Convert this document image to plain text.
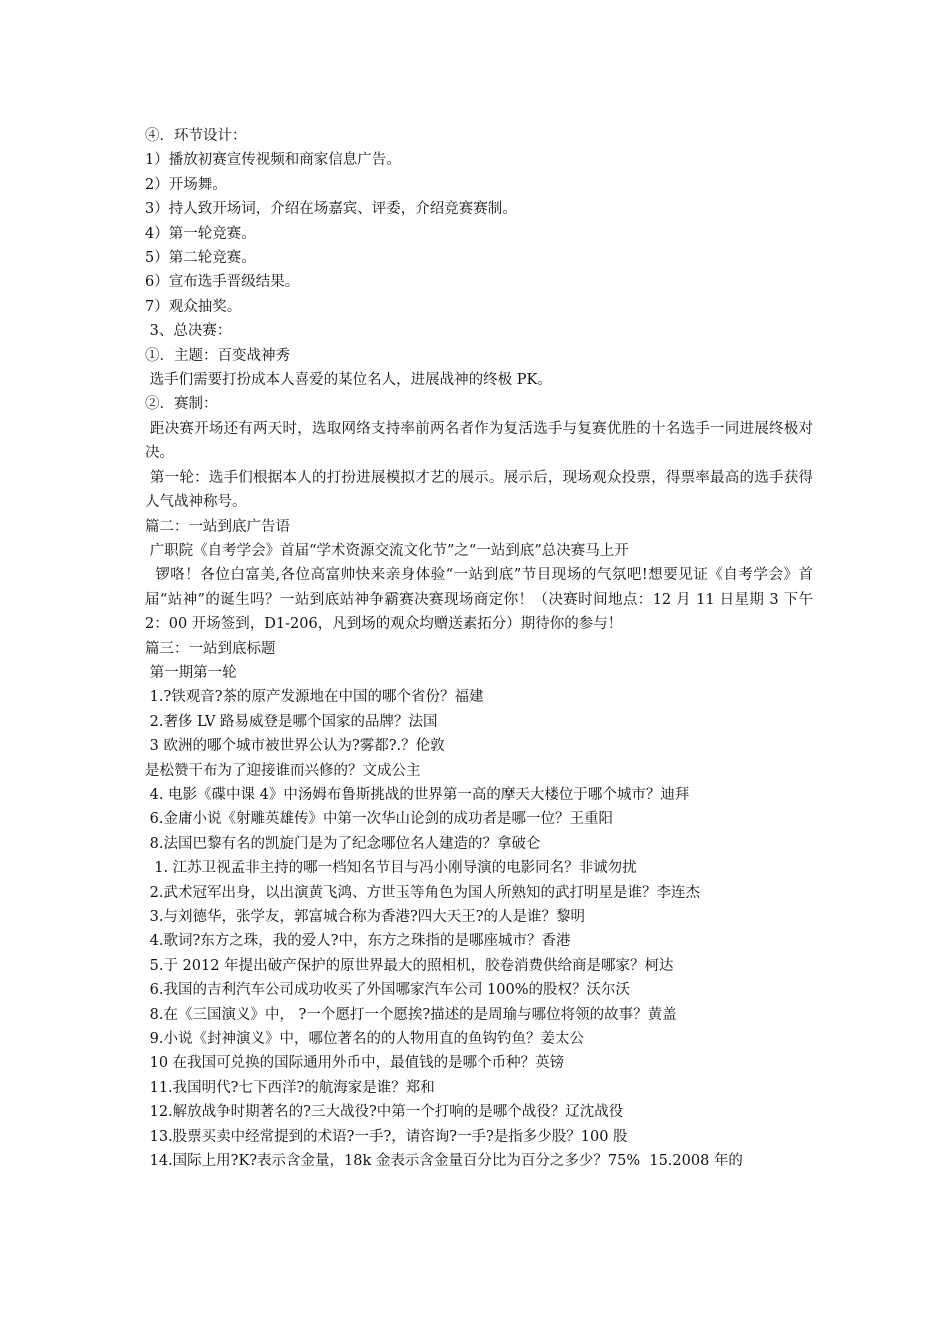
④．环节设计：

1）播放初赛宣传视频和商家信息广告。

2）开场舞。

3）持人致开场词，介绍在场嘉宾、评委，介绍竞赛赛制。

4）第一轮竞赛。

5）第二轮竞赛。

6）宣布选手晋级结果。

7）观众抽奖。

3、总决赛：

①．主题：百变战神秀

选手们需要打扮成本人喜爱的某位名人，进展战神的终极 PK。

②．赛制：

距决赛开场还有两天时，选取网络支持率前两名者作为复活选手与复赛优胜的十名选手一同进展终极对决。

第一轮：选手们根据本人的打扮进展模拟才艺的展示。展示后，现场观众投票，得票率最高的选手获得人气战神称号。

篇二：一站到底广告语

广职院《自考学会》首届“学术资源交流文化节”之“一站到底”总决赛马上开

锣咯！各位白富美,各位高富帅快来亲身体验“一站到底”节目现场的气氛吧!想要见证《自考学会》首届“站神”的诞生吗？一站到底站神争霸赛决赛现场商定你！（决赛时间地点：12 月 11 日星期 3 下午 2：00 开场签到，D1-206，凡到场的观众均赠送素拓分）期待你的参与！

篇三：一站到底标题

第一期第一轮

1.?铁观音?茶的原产发源地在中国的哪个省份？福建

2.奢侈 LV 路易威登是哪个国家的品牌？法国

3 欧洲的哪个城市被世界公认为?雾都?.？伦敦

是松赞干布为了迎接谁而兴修的？文成公主

4. 电影《碟中课 4》中汤姆布鲁斯挑战的世界第一高的摩天大楼位于哪个城市？迪拜

6.金庸小说《射雕英雄传》中第一次华山论剑的成功者是哪一位？王重阳

8.法国巴黎有名的凯旋门是为了纪念哪位名人建造的？拿破仑

1. 江苏卫视孟非主持的哪一档知名节目与冯小刚导演的电影同名？非诚勿扰

2.武术冠军出身，以出演黄飞鸿、方世玉等角色为国人所熟知的武打明星是谁？李连杰

3.与刘德华，张学友，郭富城合称为香港?四大天王?的人是谁？黎明

4.歌词?东方之珠，我的爱人?中，东方之珠指的是哪座城市？香港

5.于 2012 年提出破产保护的原世界最大的照相机，胶卷消费供给商是哪家？柯达

6.我国的吉利汽车公司成功收买了外国哪家汽车公司 100%的股权？沃尔沃

8.在《三国演义》中， ?一个愿打一个愿挨?描述的是周瑜与哪位将领的故事？黄盖

9.小说《封神演义》中，哪位著名的的人物用直的鱼钩钓鱼？姜太公

10 在我国可兑换的国际通用外币中，最值钱的是哪个币种？英镑

11.我国明代?七下西洋?的航海家是谁？郑和

12.解放战争时期著名的?三大战役?中第一个打响的是哪个战役？辽沈战役

13.股票买卖中经常提到的术语?一手?，请咨询?一手?是指多少股？100 股

14.国际上用?K?表示含金量，18k 金表示含金量百分比为百分之多少？75%  15.2008 年的
